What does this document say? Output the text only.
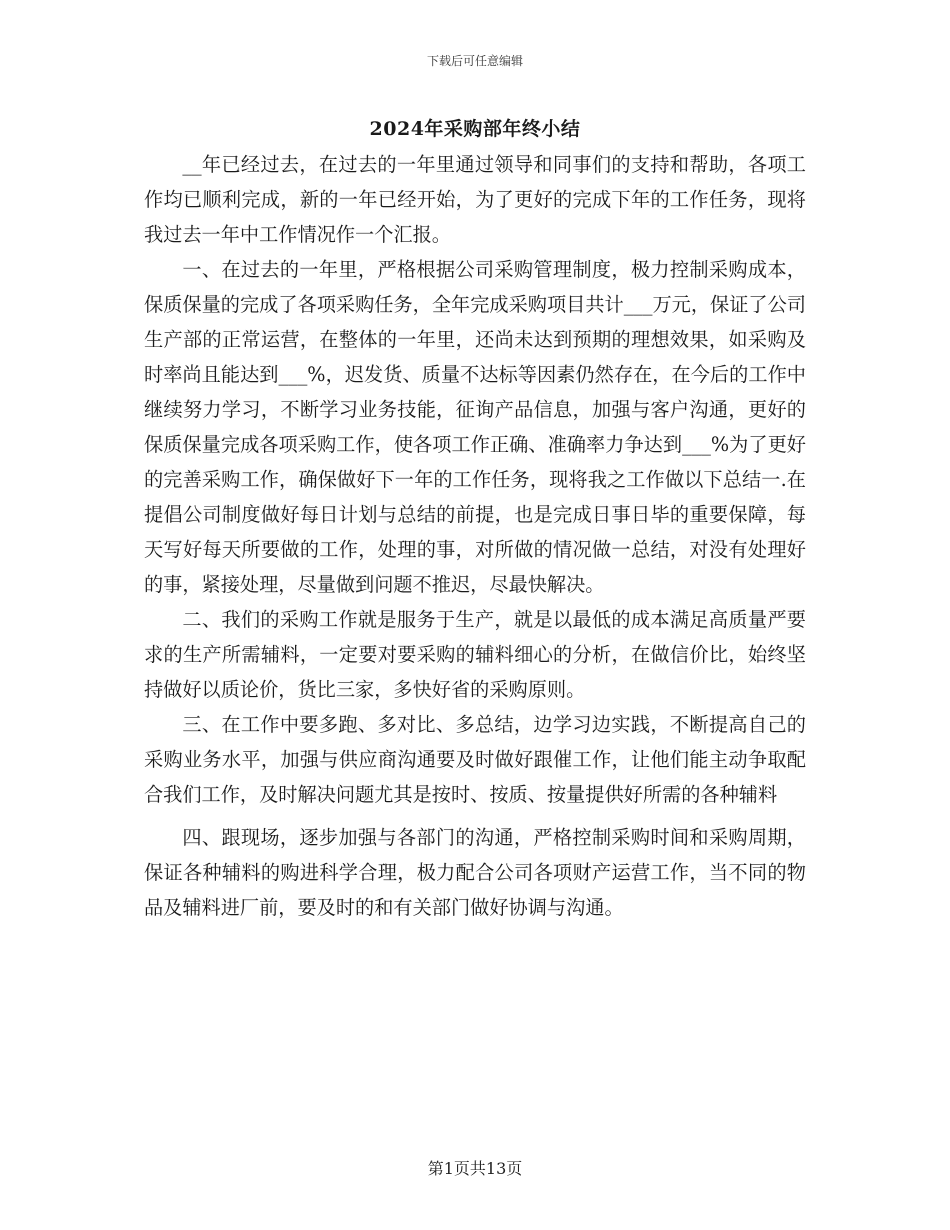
下载后可任意编辑
2024年采购部年终小结

__年已经过去，在过去的一年里通过领导和同事们的支持和帮助，各项工作均已顺利完成，新的一年已经开始，为了更好的完成下年的工作任务，现将我过去一年中工作情况作一个汇报。

一、在过去的一年里，严格根据公司采购管理制度，极力控制采购成本，保质保量的完成了各项采购任务，全年完成采购项目共计___万元，保证了公司生产部的正常运营，在整体的一年里，还尚未达到预期的理想效果，如采购及时率尚且能达到___%，迟发货、质量不达标等因素仍然存在，在今后的工作中继续努力学习，不断学习业务技能，征询产品信息，加强与客户沟通，更好的保质保量完成各项采购工作，使各项工作正确、准确率力争达到___%为了更好的完善采购工作，确保做好下一年的工作任务，现将我之工作做以下总结一.在提倡公司制度做好每日计划与总结的前提，也是完成日事日毕的重要保障，每天写好每天所要做的工作，处理的事，对所做的情况做一总结，对没有处理好的事，紧接处理，尽量做到问题不推迟，尽最快解决。

二、我们的采购工作就是服务于生产，就是以最低的成本满足高质量严要求的生产所需辅料，一定要对要采购的辅料细心的分析，在做信价比，始终坚持做好以质论价，货比三家，多快好省的采购原则。

三、在工作中要多跑、多对比、多总结，边学习边实践，不断提高自己的采购业务水平，加强与供应商沟通要及时做好跟催工作，让他们能主动争取配合我们工作，及时解决问题尤其是按时、按质、按量提供好所需的各种辅料

四、跟现场，逐步加强与各部门的沟通，严格控制采购时间和采购周期，保证各种辅料的购进科学合理，极力配合公司各项财产运营工作，当不同的物品及辅料进厂前，要及时的和有关部门做好协调与沟通。

第1页共13页
